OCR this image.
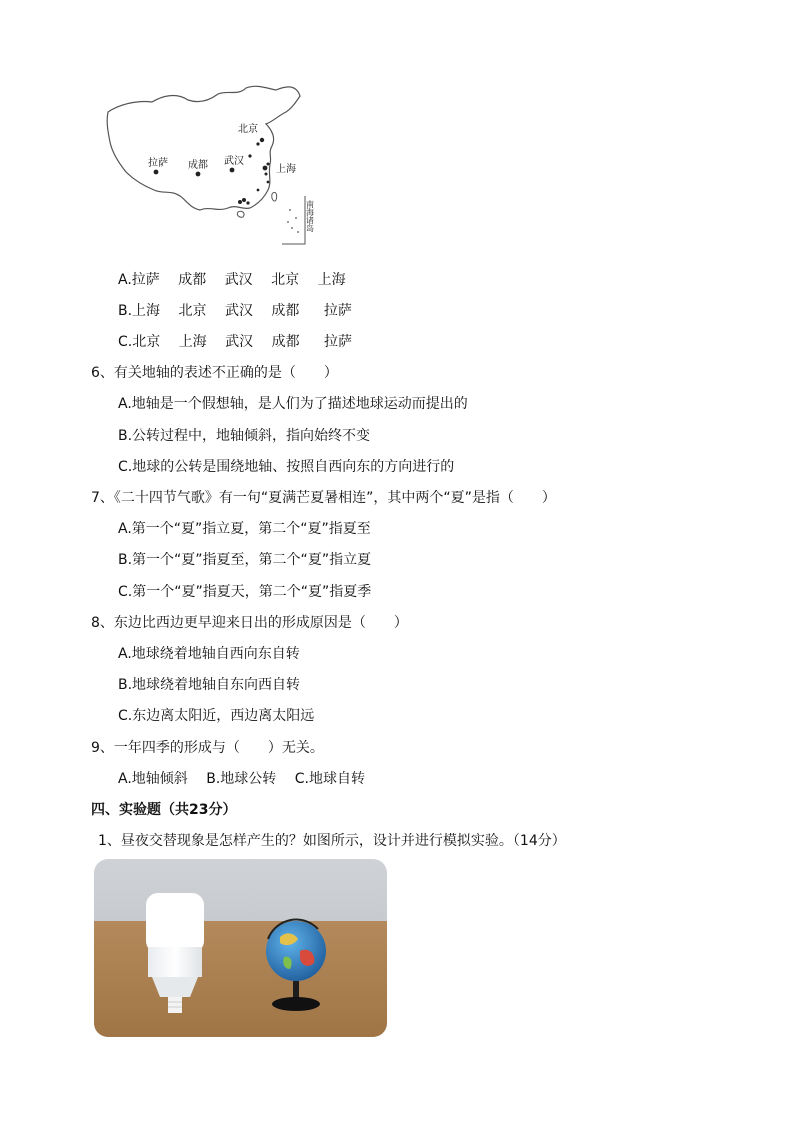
南海诸岛
北京
拉萨 成都 武汉
上海
A.拉萨 成都 武汉 北京 上海
B.上海 北京 武汉 成都 拉萨
C.北京 上海 武汉 成都 拉萨
6、有关地轴的表述不正确的是（　　）
A.地轴是一个假想轴，是人们为了描述地球运动而提出的
B.公转过程中，地轴倾斜，指向始终不变
C.地球的公转是围绕地轴、按照自西向东的方向进行的
7、《二十四节气歌》有一句“夏满芒夏暑相连”，其中两个“夏”是指（　　）
A.第一个“夏”指立夏，第二个“夏”指夏至
B.第一个“夏”指夏至，第二个“夏”指立夏
C.第一个“夏”指夏天，第二个“夏”指夏季
8、东边比西边更早迎来日出的形成原因是（　　）
A.地球绕着地轴自西向东自转
B.地球绕着地轴自东向西自转
C.东边离太阳近，西边离太阳远
9、一年四季的形成与（　　）无关。
A.地轴倾斜 B.地球公转 C.地球自转
四、实验题（共23分）
1、昼夜交替现象是怎样产生的？如图所示，设计并进行模拟实验。（14分）
